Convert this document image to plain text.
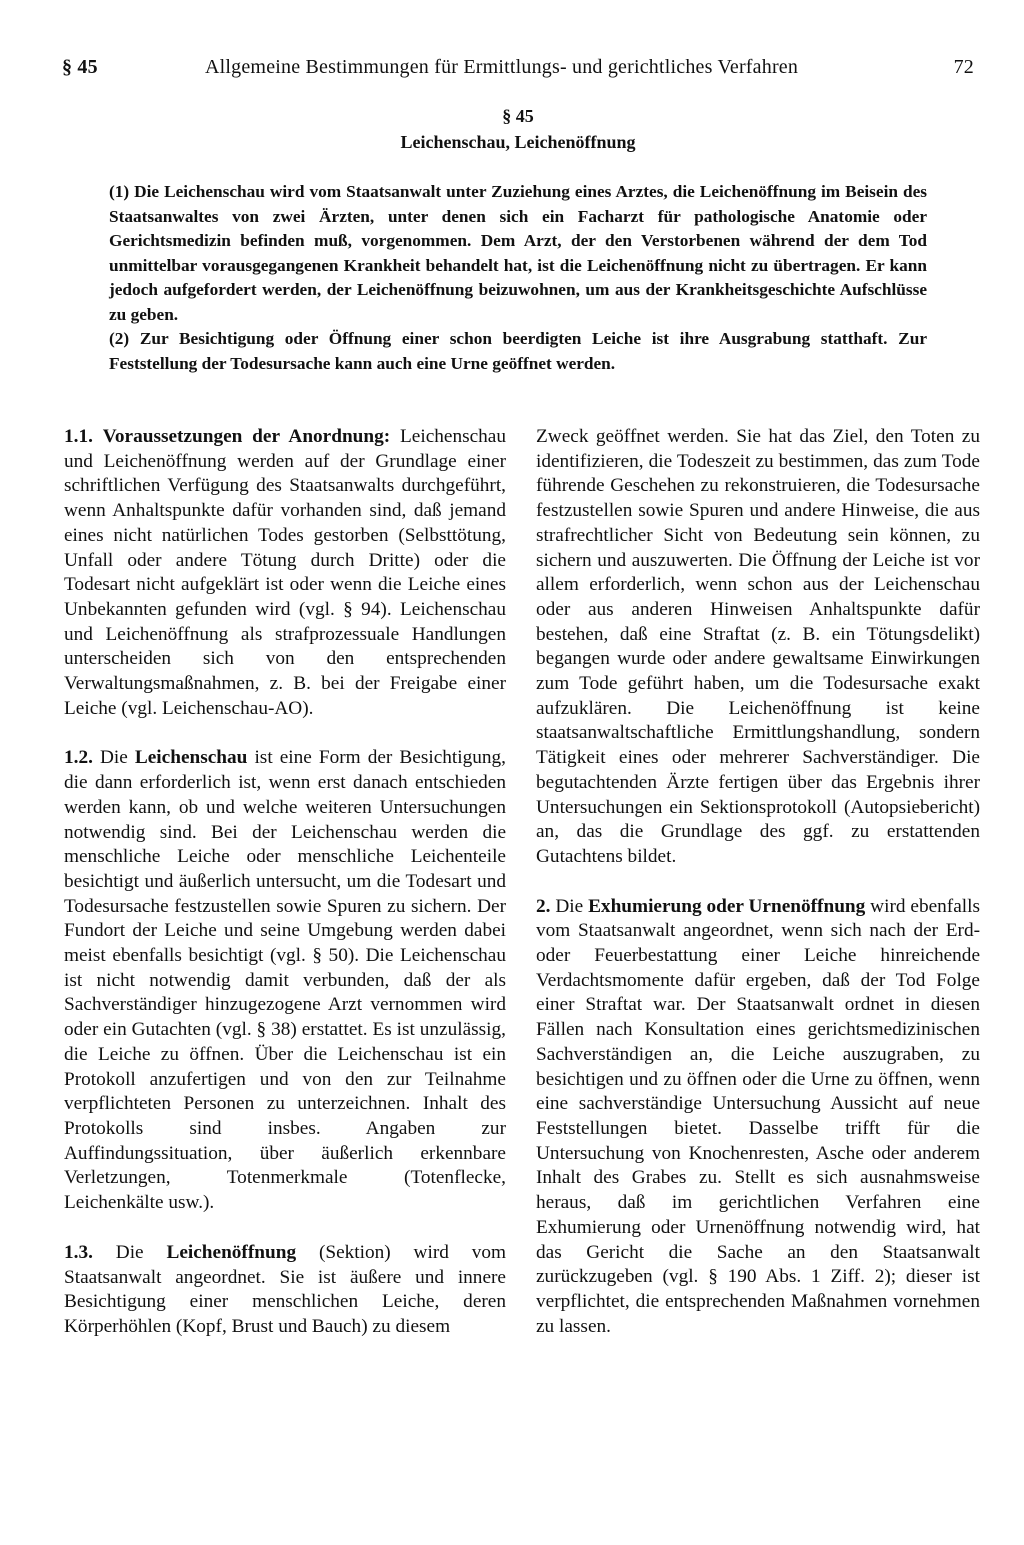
§ 45	Allgemeine Bestimmungen für Ermittlungs- und gerichtliches Verfahren	72
§ 45
Leichenschau, Leichenöffnung

(1) Die Leichenschau wird vom Staatsanwalt unter Zuziehung eines Arztes, die Leichenöffnung im Beisein des Staatsanwaltes von zwei Ärzten, unter denen sich ein Facharzt für pathologische Anatomie oder Gerichtsmedizin befinden muß, vorgenommen. Dem Arzt, der den Verstorbenen während der dem Tod unmittelbar vorausgegangenen Krankheit behandelt hat, ist die Leichenöffnung nicht zu übertragen. Er kann jedoch aufgefordert werden, der Leichenöffnung beizuwohnen, um aus der Krankheitsgeschichte Aufschlüsse zu geben.

(2) Zur Besichtigung oder Öffnung einer schon beerdigten Leiche ist ihre Ausgrabung statthaft. Zur Feststellung der Todesursache kann auch eine Urne geöffnet werden.

1.1. Voraussetzungen der Anordnung: Leichenschau und Leichenöffnung werden auf der Grundlage einer schriftlichen Verfügung des Staatsanwalts durchgeführt, wenn Anhaltspunkte dafür vorhanden sind, daß jemand eines nicht natürlichen Todes gestorben (Selbsttötung, Unfall oder andere Tötung durch Dritte) oder die Todesart nicht aufgeklärt ist oder wenn die Leiche eines Unbekannten gefunden wird (vgl. § 94). Leichenschau und Leichenöffnung als strafprozessuale Handlungen unterscheiden sich von den entsprechenden Verwaltungsmaßnahmen, z. B. bei der Freigabe einer Leiche (vgl. Leichenschau-AO).

1.2. Die Leichenschau ist eine Form der Besichtigung, die dann erforderlich ist, wenn erst danach entschieden werden kann, ob und welche weiteren Untersuchungen notwendig sind. Bei der Leichenschau werden die menschliche Leiche oder menschliche Leichenteile besichtigt und äußerlich untersucht, um die Todesart und Todesursache festzustellen sowie Spuren zu sichern. Der Fundort der Leiche und seine Umgebung werden dabei meist ebenfalls besichtigt (vgl. § 50). Die Leichenschau ist nicht notwendig damit verbunden, daß der als Sachverständiger hinzugezogene Arzt vernommen wird oder ein Gutachten (vgl. § 38) erstattet. Es ist unzulässig, die Leiche zu öffnen. Über die Leichenschau ist ein Protokoll anzufertigen und von den zur Teilnahme verpflichteten Personen zu unterzeichnen. Inhalt des Protokolls sind insbes. Angaben zur Auffindungssituation, über äußerlich erkennbare Verletzungen, Totenmerkmale (Totenflecke, Leichenkälte usw.).

1.3. Die Leichenöffnung (Sektion) wird vom Staatsanwalt angeordnet. Sie ist äußere und innere Besichtigung einer menschlichen Leiche, deren Körperhöhlen (Kopf, Brust und Bauch) zu diesem

Zweck geöffnet werden. Sie hat das Ziel, den Toten zu identifizieren, die Todeszeit zu bestimmen, das zum Tode führende Geschehen zu rekonstruieren, die Todesursache festzustellen sowie Spuren und andere Hinweise, die aus strafrechtlicher Sicht von Bedeutung sein können, zu sichern und auszuwerten. Die Öffnung der Leiche ist vor allem erforderlich, wenn schon aus der Leichenschau oder aus anderen Hinweisen Anhaltspunkte dafür bestehen, daß eine Straftat (z. B. ein Tötungsdelikt) begangen wurde oder andere gewaltsame Einwirkungen zum Tode geführt haben, um die Todesursache exakt aufzuklären. Die Leichenöffnung ist keine staatsanwaltschaftliche Ermittlungshandlung, sondern Tätigkeit eines oder mehrerer Sachverständiger. Die begutachtenden Ärzte fertigen über das Ergebnis ihrer Untersuchungen ein Sektionsprotokoll (Autopsiebericht) an, das die Grundlage des ggf. zu erstattenden Gutachtens bildet.

2. Die Exhumierung oder Urnenöffnung wird ebenfalls vom Staatsanwalt angeordnet, wenn sich nach der Erd- oder Feuerbestattung einer Leiche hinreichende Verdachtsmomente dafür ergeben, daß der Tod Folge einer Straftat war. Der Staatsanwalt ordnet in diesen Fällen nach Konsultation eines gerichtsmedizinischen Sachverständigen an, die Leiche auszugraben, zu besichtigen und zu öffnen oder die Urne zu öffnen, wenn eine sachverständige Untersuchung Aussicht auf neue Feststellungen bietet. Dasselbe trifft für die Untersuchung von Knochenresten, Asche oder anderem Inhalt des Grabes zu. Stellt es sich ausnahmsweise heraus, daß im gerichtlichen Verfahren eine Exhumierung oder Urnenöffnung notwendig wird, hat das Gericht die Sache an den Staatsanwalt zurückzugeben (vgl. § 190 Abs. 1 Ziff. 2); dieser ist verpflichtet, die entsprechenden Maßnahmen vornehmen zu lassen.
